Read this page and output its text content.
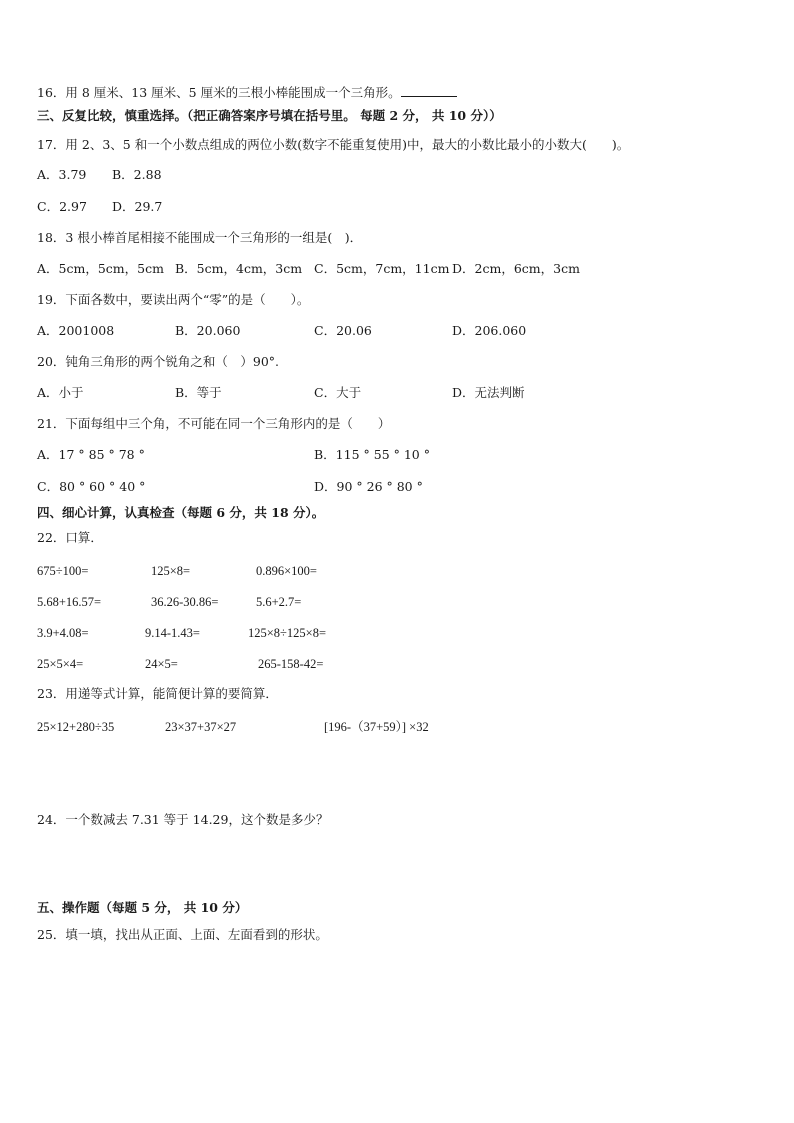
16．用 8 厘米、13 厘米、5 厘米的三根小棒能围成一个三角形。
三、反复比较，慎重选择。（把正确答案序号填在括号里。 每题 2 分， 共 10 分））
17．用 2、3、5 和一个小数点组成的两位小数(数字不能重复使用)中，最大的小数比最小的小数大(　　)。
A．3.79 B．2.88
C．2.97 D．29.7
18．3 根小棒首尾相接不能围成一个三角形的一组是(　)．
A．5cm，5cm，5cm B．5cm，4cm，3cm C．5cm，7cm，11cm D．2cm，6cm，3cm
19．下面各数中，要读出两个“零”的是（　　）。
A．2001008	B．20.060	C．20.06	D．206.060
20．钝角三角形的两个锐角之和（　）90°.
A．小于	B．等于	C．大于	D．无法判断
21．下面每组中三个角，不可能在同一个三角形内的是（　　）
A．17 ° 85 ° 78 °	B．115 ° 55 ° 10 °
C．80 ° 60 ° 40 °	D．90 ° 26 ° 80 °
四、细心计算，认真检查（每题 6 分，共 18 分）。
22．口算．
675÷100=	125×8=	0.896×100=
5.68+16.57=	36.26-30.86=	5.6+2.7=
3.9+4.08=	9.14-1.43=	125×8÷125×8=
25×5×4=	24×5=	265-158-42=
23．用递等式计算，能简便计算的要简算．
25×12+280÷35	23×37+37×27	[196-（37+59）] ×32
24．一个数减去 7.31 等于 14.29，这个数是多少？
五、操作题（每题 5 分， 共 10 分）
25．填一填，找出从正面、上面、左面看到的形状。
